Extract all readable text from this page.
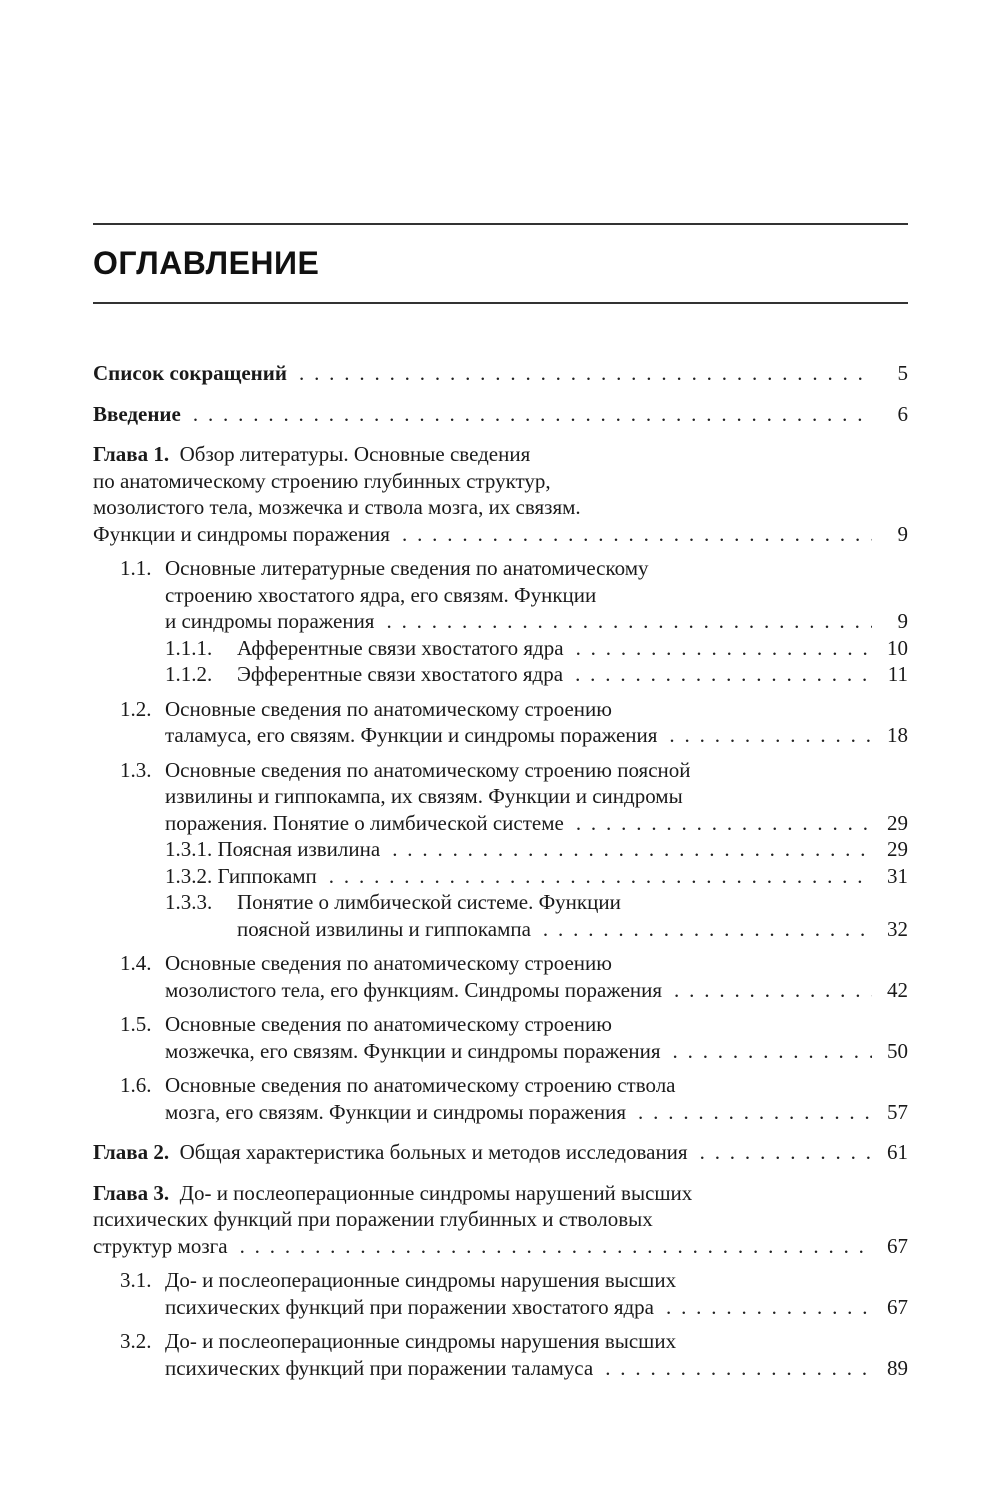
ОГЛАВЛЕНИЕ
Список сокращений . . .	5
Введение . . .	6
Глава 1. Обзор литературы. Основные сведения
по анатомическому строению глубинных структур,
мозолистого тела, мозжечка и ствола мозга, их связям.
Функции и синдромы поражения . . .	9
1.1. Основные литературные сведения по анатомическому
строению хвостатого ядра, его связям. Функции
и синдромы поражения . . .	9
1.1.1.	Афферентные связи хвостатого ядра . . .	10
1.1.2.	Эфферентные связи хвостатого ядра . . .	11
1.2. Основные сведения по анатомическому строению
таламуса, его связям. Функции и синдромы поражения . . .	18
1.3. Основные сведения по анатомическому строению поясной
извилины и гиппокампа, их связям. Функции и синдромы
поражения. Понятие о лимбической системе . . .	29
1.3.1.
Поясная извилина . . .	29
1.3.2.
Гиппокамп . . .	31
1.3.3. Понятие о лимбической системе. Функции
поясной извилины и гиппокампа . . .	32
1.4. Основные сведения по анатомическому строению
мозолистого тела, его функциям. Синдромы поражения . . .	42
1.5. Основные сведения по анатомическому строению
мозжечка, его связям. Функции и синдромы поражения . . .	50
1.6. Основные сведения по анатомическому строению ствола
мозга, его связям. Функции и синдромы поражения . . .	57
Глава 2.
Общая характеристика больных и методов исследования . . .	61
Глава 3. До- и послеоперационные синдромы нарушений высших
психических функций при поражении глубинных и стволовых
структур мозга . . .	67
3.1. До- и послеоперационные синдромы нарушения высших
психических функций при поражении хвостатого ядра . . .	67
3.2. До- и послеоперационные синдромы нарушения высших
психических функций при поражении таламуса . . .	89
